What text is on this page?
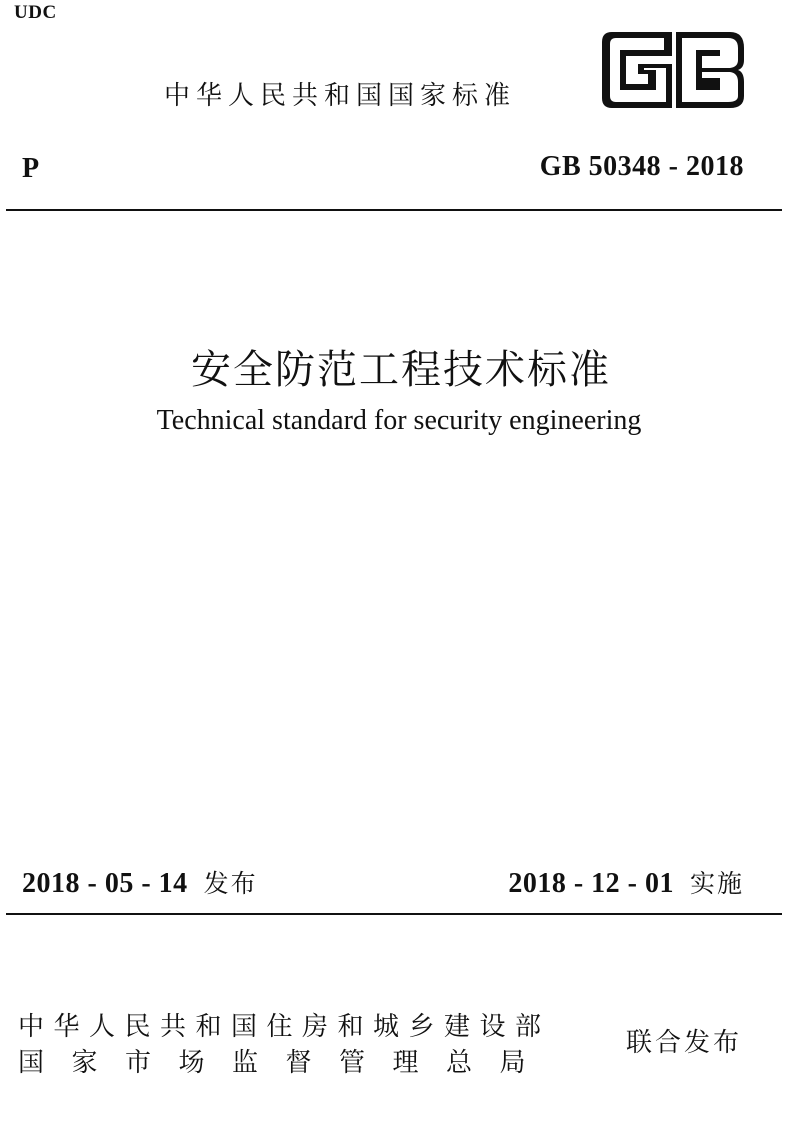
UDC
中华人民共和国国家标准
P	GB 50348 - 2018
安全防范工程技术标准
Technical standard for security engineering
2018 - 05 - 14 发布	2018 - 12 - 01 实施
中华人民共和国住房和城乡建设部
国家市场监督管理总局
联合发布
